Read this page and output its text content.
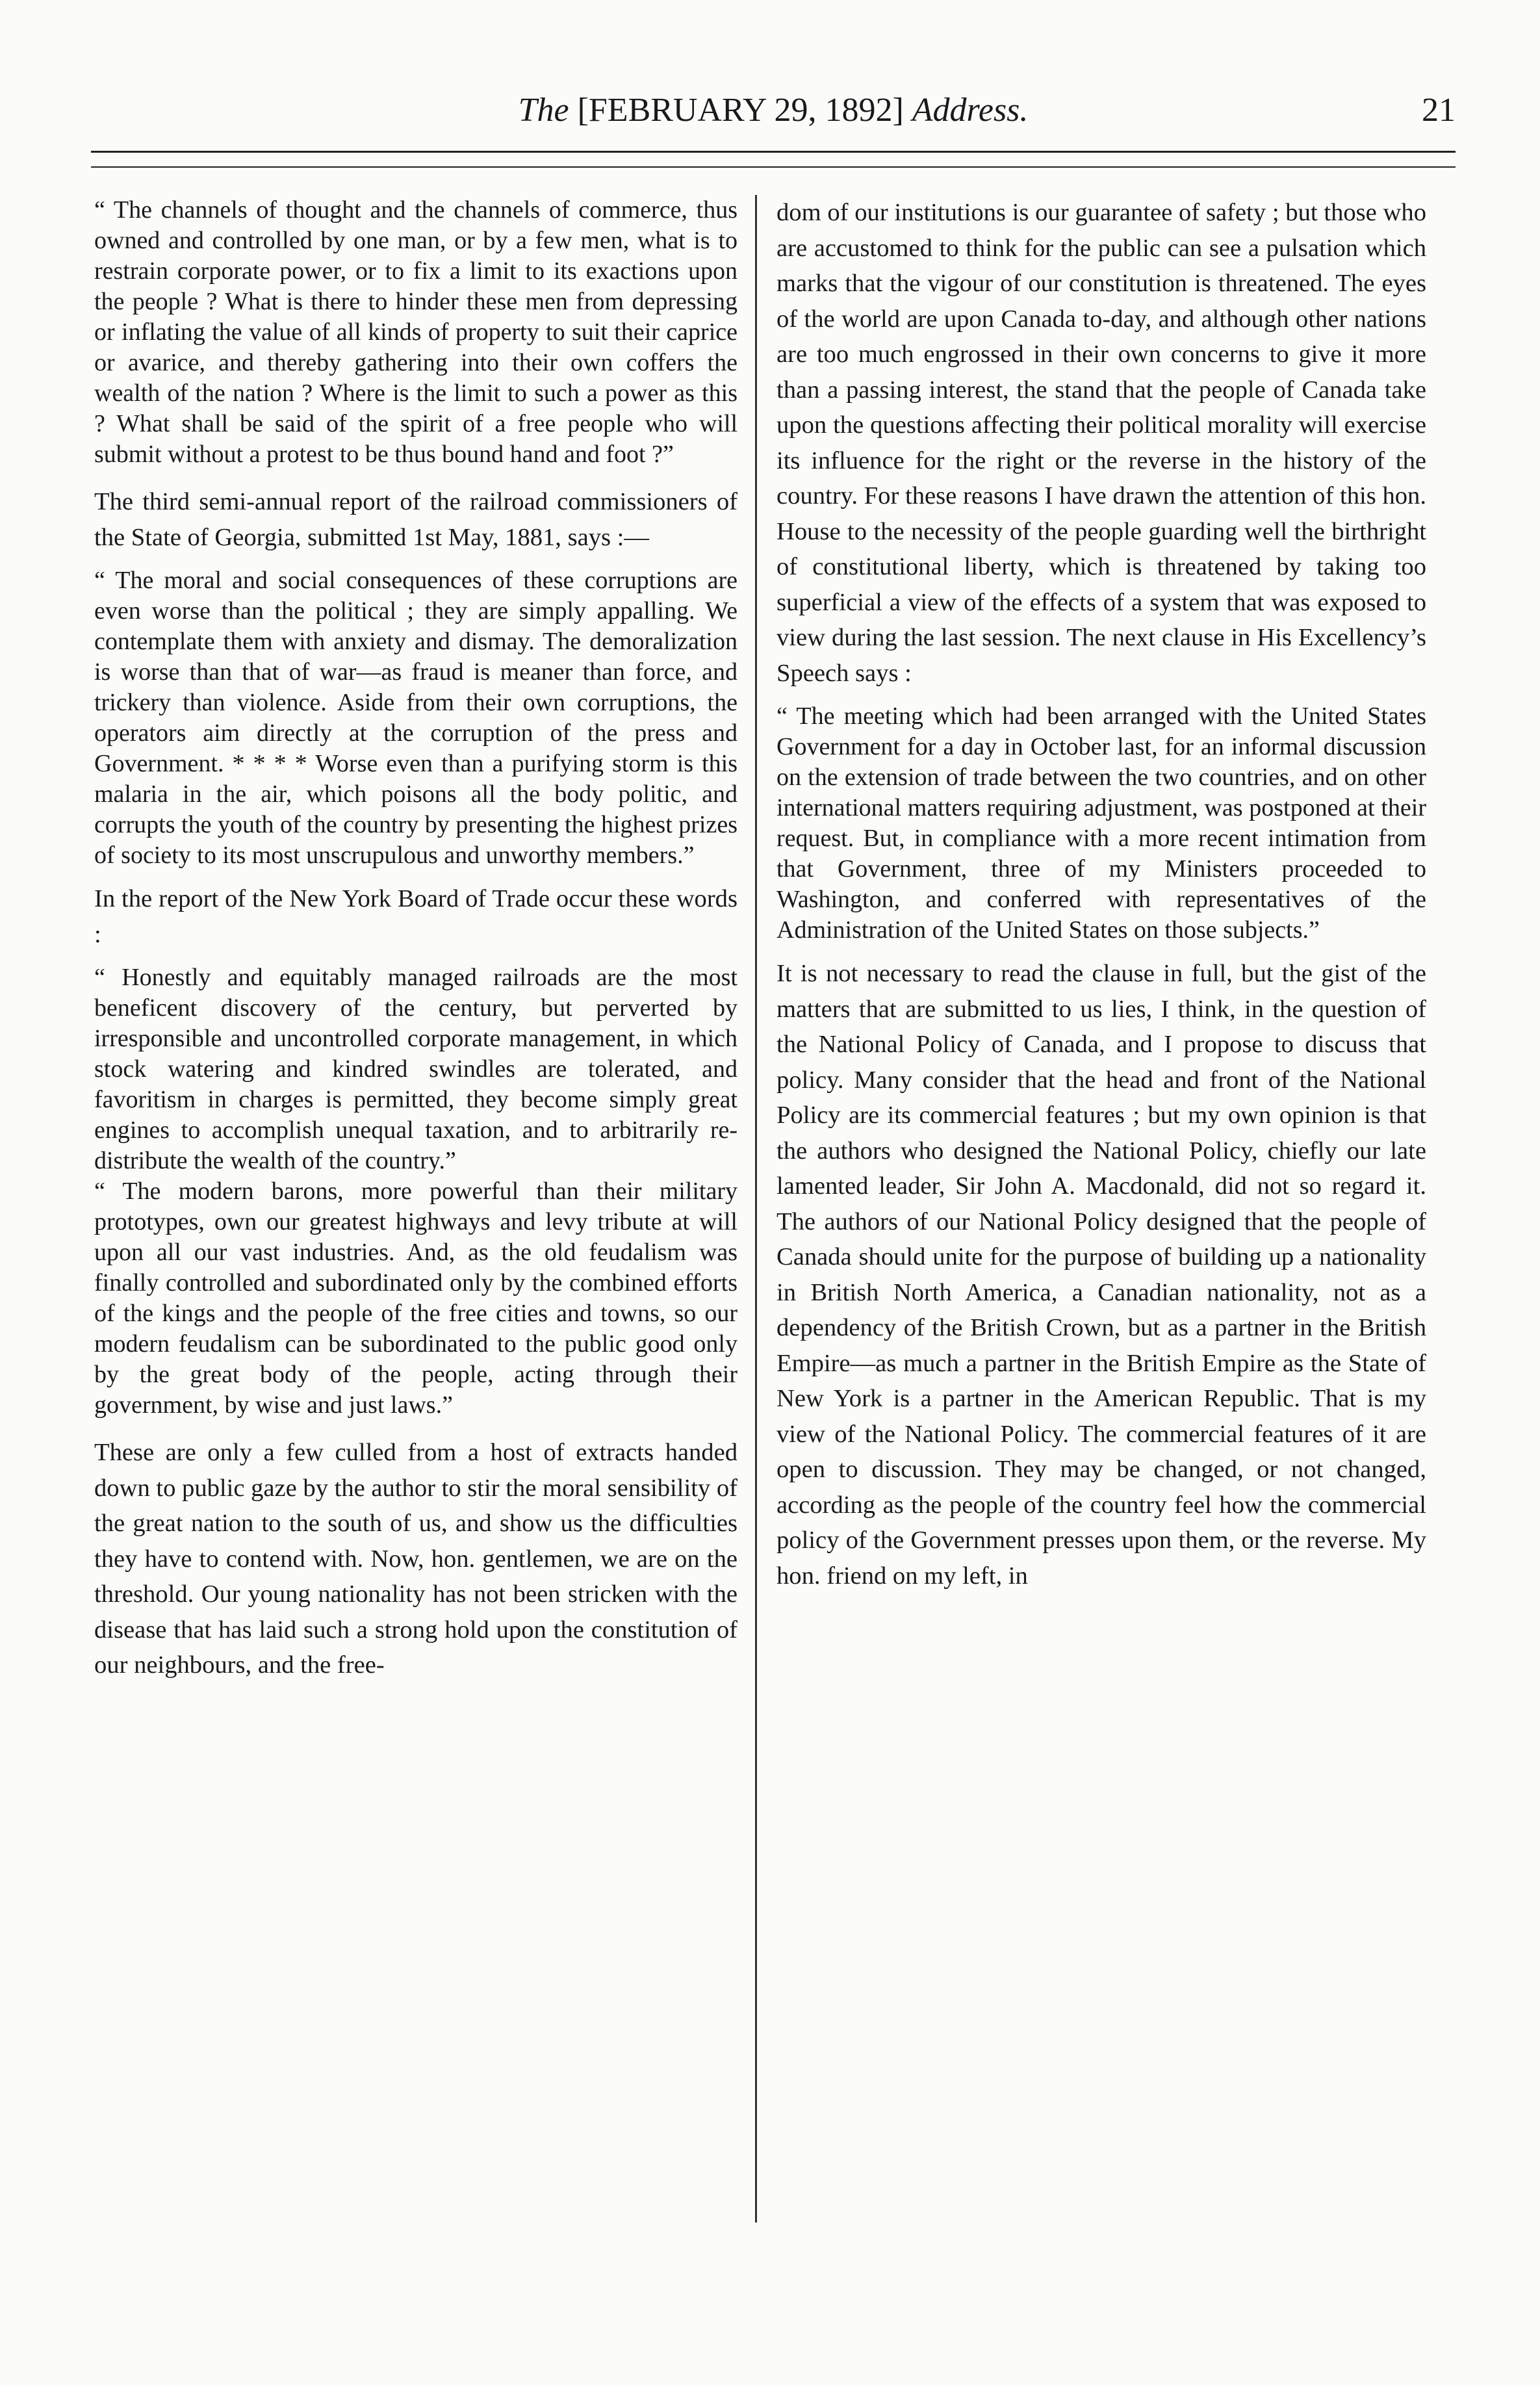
The [FEBRUARY 29, 1892] Address.	21

“ The channels of thought and the channels of commerce, thus owned and controlled by one man, or by a few men, what is to restrain corporate power, or to fix a limit to its exactions upon the people ? What is there to hinder these men from depressing or inflating the value of all kinds of property to suit their caprice or avarice, and thereby gathering into their own coffers the wealth of the nation ? Where is the limit to such a power as this ? What shall be said of the spirit of a free people who will submit without a protest to be thus bound hand and foot ?”

The third semi-annual report of the railroad commissioners of the State of Georgia, submitted 1st May, 1881, says :—

“ The moral and social consequences of these corruptions are even worse than the political ; they are simply appalling. We contemplate them with anxiety and dismay. The demoralization is worse than that of war—as fraud is meaner than force, and trickery than violence. Aside from their own corruptions, the operators aim directly at the corruption of the press and Government. * * * * Worse even than a purifying storm is this malaria in the air, which poisons all the body politic, and corrupts the youth of the country by presenting the highest prizes of society to its most unscrupulous and unworthy members.”

In the report of the New York Board of Trade occur these words :

“ Honestly and equitably managed railroads are the most beneficent discovery of the century, but perverted by irresponsible and uncontrolled corporate management, in which stock watering and kindred swindles are tolerated, and favoritism in charges is permitted, they become simply great engines to accomplish unequal taxation, and to arbitrarily re-distribute the wealth of the country.”

“ The modern barons, more powerful than their military prototypes, own our greatest highways and levy tribute at will upon all our vast industries. And, as the old feudalism was finally controlled and subordinated only by the combined efforts of the kings and the people of the free cities and towns, so our modern feudalism can be subordinated to the public good only by the great body of the people, acting through their government, by wise and just laws.”

These are only a few culled from a host of extracts handed down to public gaze by the author to stir the moral sensibility of the great nation to the south of us, and show us the difficulties they have to contend with. Now, hon. gentlemen, we are on the threshold. Our young nationality has not been stricken with the disease that has laid such a strong hold upon the constitution of our neighbours, and the free-

dom of our institutions is our guarantee of safety ; but those who are accustomed to think for the public can see a pulsation which marks that the vigour of our constitution is threatened. The eyes of the world are upon Canada to-day, and although other nations are too much engrossed in their own concerns to give it more than a passing interest, the stand that the people of Canada take upon the questions affecting their political morality will exercise its influence for the right or the reverse in the history of the country. For these reasons I have drawn the attention of this hon. House to the necessity of the people guarding well the birthright of constitutional liberty, which is threatened by taking too superficial a view of the effects of a system that was exposed to view during the last session. The next clause in His Excellency’s Speech says :

“ The meeting which had been arranged with the United States Government for a day in October last, for an informal discussion on the extension of trade between the two countries, and on other international matters requiring adjustment, was postponed at their request. But, in compliance with a more recent intimation from that Government, three of my Ministers proceeded to Washington, and conferred with representatives of the Administration of the United States on those subjects.”

It is not necessary to read the clause in full, but the gist of the matters that are submitted to us lies, I think, in the question of the National Policy of Canada, and I propose to discuss that policy. Many consider that the head and front of the National Policy are its commercial features ; but my own opinion is that the authors who designed the National Policy, chiefly our late lamented leader, Sir John A. Macdonald, did not so regard it. The authors of our National Policy designed that the people of Canada should unite for the purpose of building up a nationality in British North America, a Canadian nationality, not as a dependency of the British Crown, but as a partner in the British Empire—as much a partner in the British Empire as the State of New York is a partner in the American Republic. That is my view of the National Policy. The commercial features of it are open to discussion. They may be changed, or not changed, according as the people of the country feel how the commercial policy of the Government presses upon them, or the reverse. My hon. friend on my left, in
